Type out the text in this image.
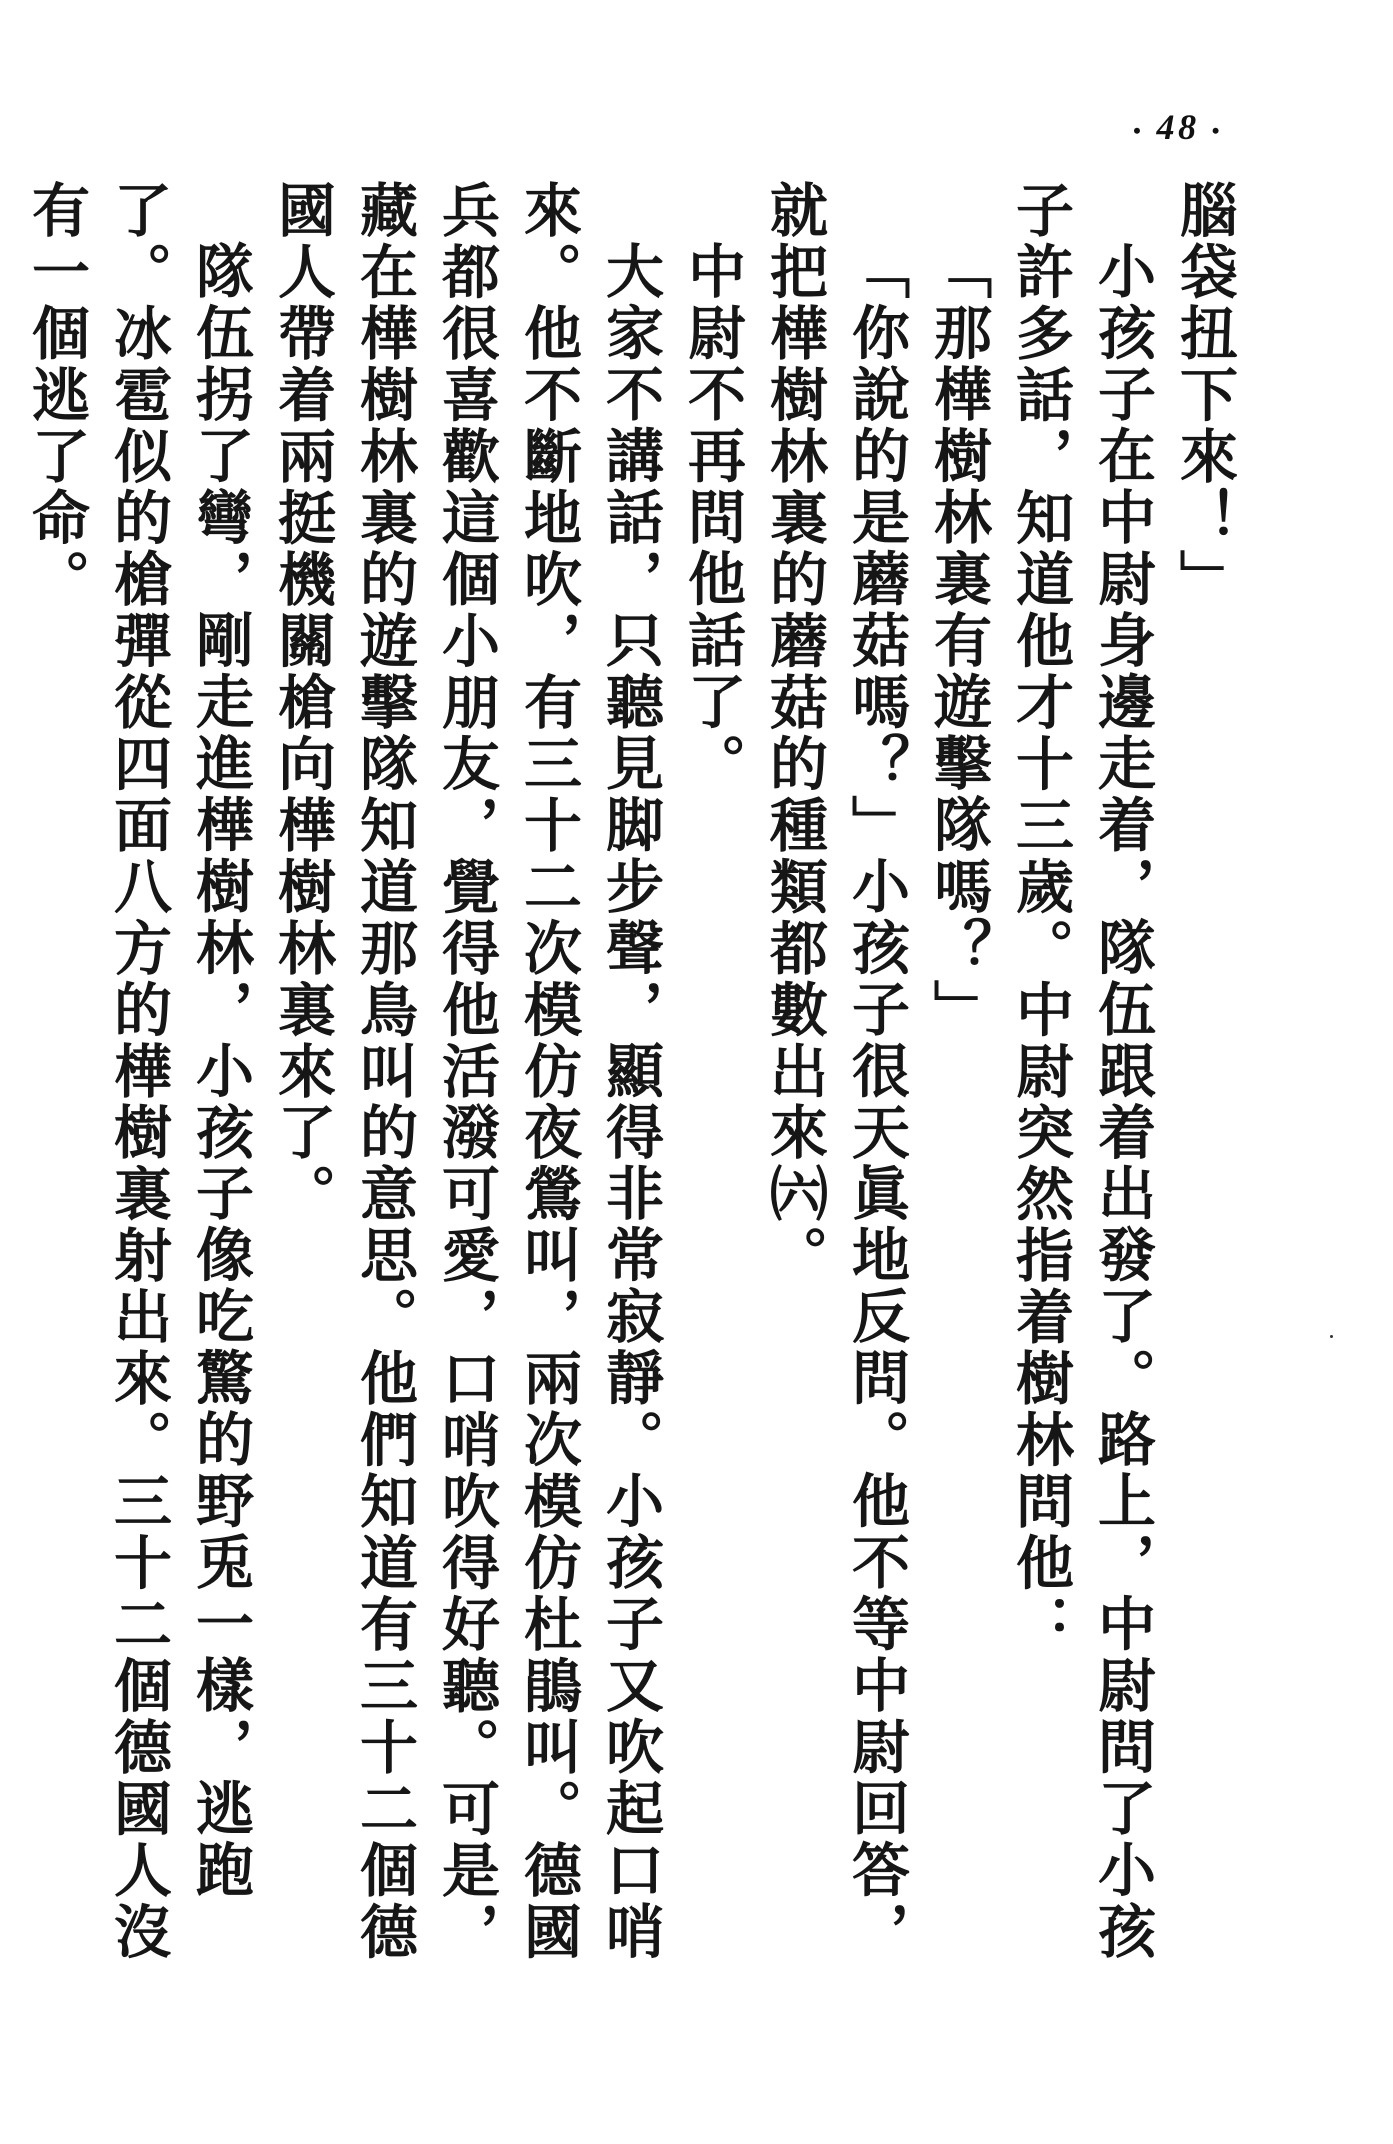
• 48 •

腦袋扭下來！」

小孩子在中尉身邊走着，隊伍跟着出發了。路上，中尉問了小孩子許多話，知道他才十三歲。中尉突然指着樹林問他：

「那樺樹林裏有遊擊隊嗎？」

「你說的是蘑菇嗎？」小孩子很天眞地反問。他不等中尉回答，就把樺樹林裏的蘑菇的種類都數出來㈥。

中尉不再問他話了。

大家不講話，只聽見脚步聲，顯得非常寂靜。小孩子又吹起口哨來。他不斷地吹，有三十二次模仿夜鶯叫，兩次模仿杜鵑叫。德國兵都很喜歡這個小朋友，覺得他活潑可愛，口哨吹得好聽。可是，藏在樺樹林裏的遊擊隊知道那鳥叫的意思。他們知道有三十二個德國人帶着兩挺機關槍向樺樹林裏來了。

隊伍拐了彎，剛走進樺樹林，小孩子像吃驚的野兎一樣，逃跑了。冰雹似的槍彈從四面八方的樺樹裏射出來。三十二個德國人沒有一個逃了命。
